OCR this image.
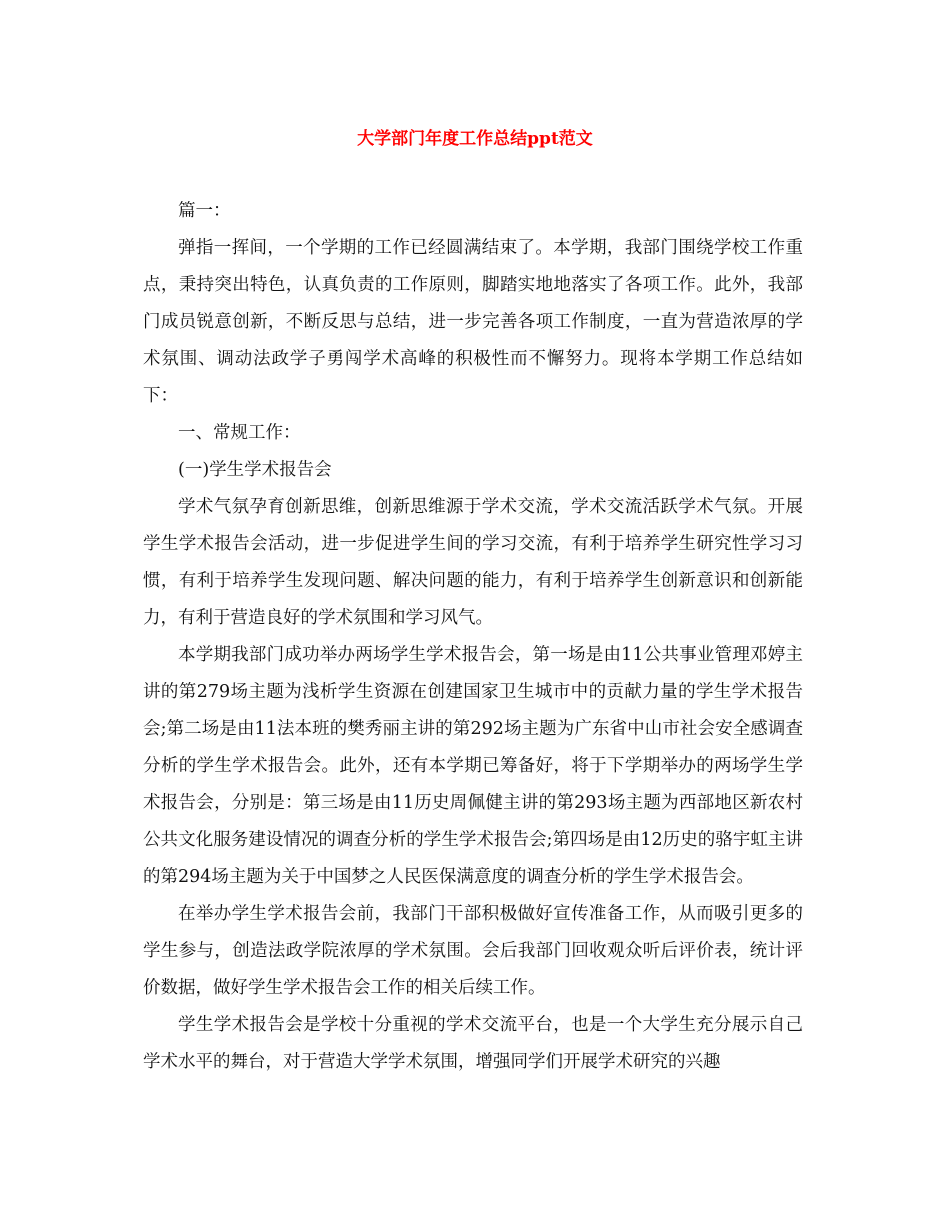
大学部门年度工作总结ppt范文

篇一：

弹指一挥间，一个学期的工作已经圆满结束了。本学期，我部门围绕学校工作重点，秉持突出特色，认真负责的工作原则，脚踏实地地落实了各项工作。此外，我部门成员锐意创新，不断反思与总结，进一步完善各项工作制度，一直为营造浓厚的学术氛围、调动法政学子勇闯学术高峰的积极性而不懈努力。现将本学期工作总结如下：

一、常规工作：

(一)学生学术报告会

学术气氛孕育创新思维，创新思维源于学术交流，学术交流活跃学术气氛。开展学生学术报告会活动，进一步促进学生间的学习交流，有利于培养学生研究性学习习惯，有利于培养学生发现问题、解决问题的能力，有利于培养学生创新意识和创新能力，有利于营造良好的学术氛围和学习风气。

本学期我部门成功举办两场学生学术报告会，第一场是由11公共事业管理邓婷主讲的第279场主题为浅析学生资源在创建国家卫生城市中的贡献力量的学生学术报告会;第二场是由11法本班的樊秀丽主讲的第292场主题为广东省中山市社会安全感调查分析的学生学术报告会。此外，还有本学期已筹备好，将于下学期举办的两场学生学术报告会，分别是：第三场是由11历史周佩健主讲的第293场主题为西部地区新农村公共文化服务建设情况的调查分析的学生学术报告会;第四场是由12历史的骆宇虹主讲的第294场主题为关于中国梦之人民医保满意度的调查分析的学生学术报告会。

在举办学生学术报告会前，我部门干部积极做好宣传准备工作，从而吸引更多的学生参与，创造法政学院浓厚的学术氛围。会后我部门回收观众听后评价表，统计评价数据，做好学生学术报告会工作的相关后续工作。

学生学术报告会是学校十分重视的学术交流平台，也是一个大学生充分展示自己学术水平的舞台，对于营造大学学术氛围，增强同学们开展学术研究的兴趣
